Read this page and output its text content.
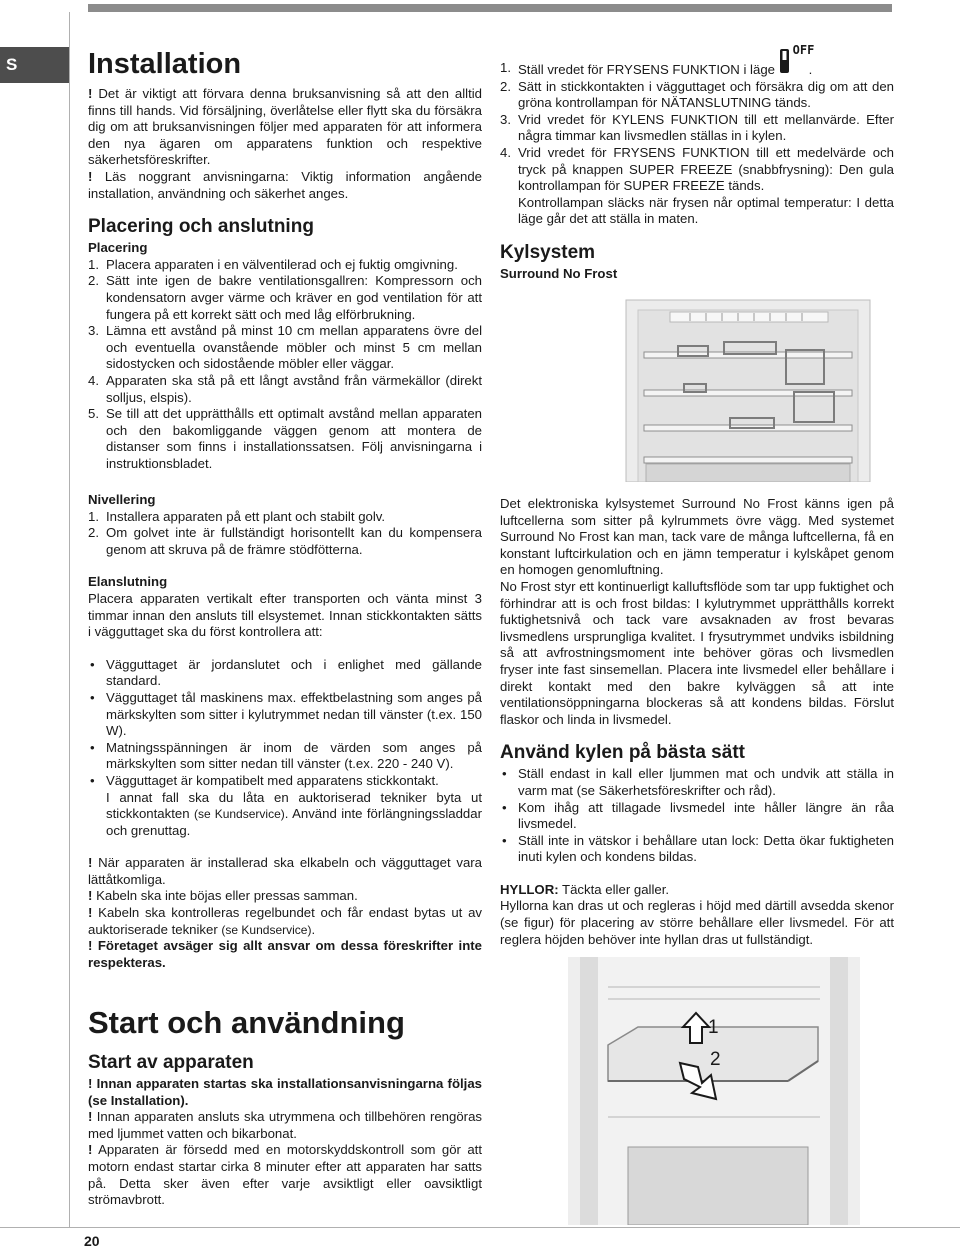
S
20
Installation

! Det är viktigt att förvara denna bruksanvisning så att den alltid finns till hands. Vid försäljning, överlåtelse eller flytt ska du försäkra dig om att bruksanvisningen följer med apparaten för att informera den nya ägaren om apparatens funktion och respektive säkerhetsföreskrifter.

! Läs noggrant anvisningarna: Viktig information angående installation, användning och säkerhet anges.

Placering och anslutning
Placering
1. Placera apparaten i en välventilerad och ej fuktig omgivning.
2. Sätt inte igen de bakre ventilationsgallren: Kompressorn och kondensatorn avger värme och kräver en god ventilation för att fungera på ett korrekt sätt och med låg elförbrukning.
3. Lämna ett avstånd på minst 10 cm mellan apparatens övre del och eventuella ovanstående möbler och minst 5 cm mellan sidostycken och sidostående möbler eller väggar.
4. Apparaten ska stå på ett långt avstånd från värmekällor (direkt solljus, elspis).
5. Se till att det upprätthålls ett optimalt avstånd mellan apparaten och den bakomliggande väggen genom att montera de distanser som finns i installationssatsen. Följ anvisningarna i instruktionsbladet.
Nivellering
1. Installera apparaten på ett plant och stabilt golv.
2. Om golvet inte är fullständigt horisontellt kan du kompensera genom att skruva på de främre stödfötterna.
Elanslutning

Placera apparaten vertikalt efter transporten och vänta minst 3 timmar innan den ansluts till elsystemet. Innan stickkontakten sätts i vägguttaget ska du först kontrollera att:

• Vägguttaget är jordanslutet och i enlighet med gällande standard.
• Vägguttaget tål maskinens max. effektbelastning som anges på märkskylten som sitter i kylutrymmet nedan till vänster (t.ex. 150 W).
• Matningsspänningen är inom de värden som anges på märkskylten som sitter nedan till vänster (t.ex. 220 - 240 V).
• Vägguttaget är kompatibelt med apparatens stickkontakt.

I annat fall ska du låta en auktoriserad tekniker byta ut stickkontakten (se Kundservice). Använd inte förlängningssladdar och grenuttag.

! När apparaten är installerad ska elkabeln och vägguttaget vara lättåtkomliga.

! Kabeln ska inte böjas eller pressas samman.

! Kabeln ska kontrolleras regelbundet och får endast bytas ut av auktoriserade tekniker (se Kundservice).

! Företaget avsäger sig allt ansvar om dessa föreskrifter inte respekteras.

Start och användning
Start av apparaten

! Innan apparaten startas ska installationsanvisningarna följas (se Installation).

! Innan apparaten ansluts ska utrymmena och tillbehören rengöras med ljummet vatten och bikarbonat.

! Apparaten är försedd med en motorskyddskontroll som gör att motorn endast startar cirka 8 minuter efter att apparaten har satts på. Detta sker även efter varje avsiktligt eller oavsiktligt strömavbrott.

1. Ställ vredet för FRYSENS FUNKTION i läge
OFF
.
2. Sätt in stickkontakten i vägguttaget och försäkra dig om att den gröna kontrollampan för NÄTANSLUTNING tänds.
3. Vrid vredet för KYLENS FUNKTION till ett mellanvärde. Efter några timmar kan livsmedlen ställas in i kylen.
4. Vrid vredet för FRYSENS FUNKTION till ett medelvärde och tryck på knappen SUPER FREEZE (snabbfrysning): Den gula kontrollampan för SUPER FREEZE tänds.

Kontrollampan släcks när frysen når optimal temperatur: I detta läge går det att ställa in maten.

Kylsystem
Surround No Frost

Det elektroniska kylsystemet Surround No Frost känns igen på luftcellerna som sitter på kylrummets övre vägg. Med systemet Surround No Frost kan man, tack vare de många luftcellerna, få en konstant luftcirkulation och en jämn temperatur i kylskåpet genom en homogen genomluftning.

No Frost styr ett kontinuerligt kalluftsflöde som tar upp fuktighet och förhindrar att is och frost bildas: I kylutrymmet upprätthålls korrekt fuktighetsnivå och tack vare avsaknaden av frost bevaras livsmedlens ursprungliga kvalitet. I frysutrymmet undviks isbildning så att avfrostningsmoment inte behöver göras och livsmedlen fryser inte fast sinsemellan. Placera inte livsmedel eller behållare i direkt kontakt med den bakre kylväggen så att inte ventilationsöppningarna blockeras så att kondens bildas. Förslut flaskor och linda in livsmedel.

Använd kylen på bästa sätt
• Ställ endast in kall eller ljummen mat och undvik att ställa in varm mat (se Säkerhetsföreskrifter och råd).
• Kom ihåg att tillagade livsmedel inte håller längre än råa livsmedel.
• Ställ inte in vätskor i behållare utan lock: Detta ökar fuktigheten inuti kylen och kondens bildas.

HYLLOR: Täckta eller galler.

Hyllorna kan dras ut och regleras i höjd med därtill avsedda skenor (se figur) för placering av större behållare eller livsmedel. För att reglera höjden behöver inte hyllan dras ut fullständigt.

1
2
